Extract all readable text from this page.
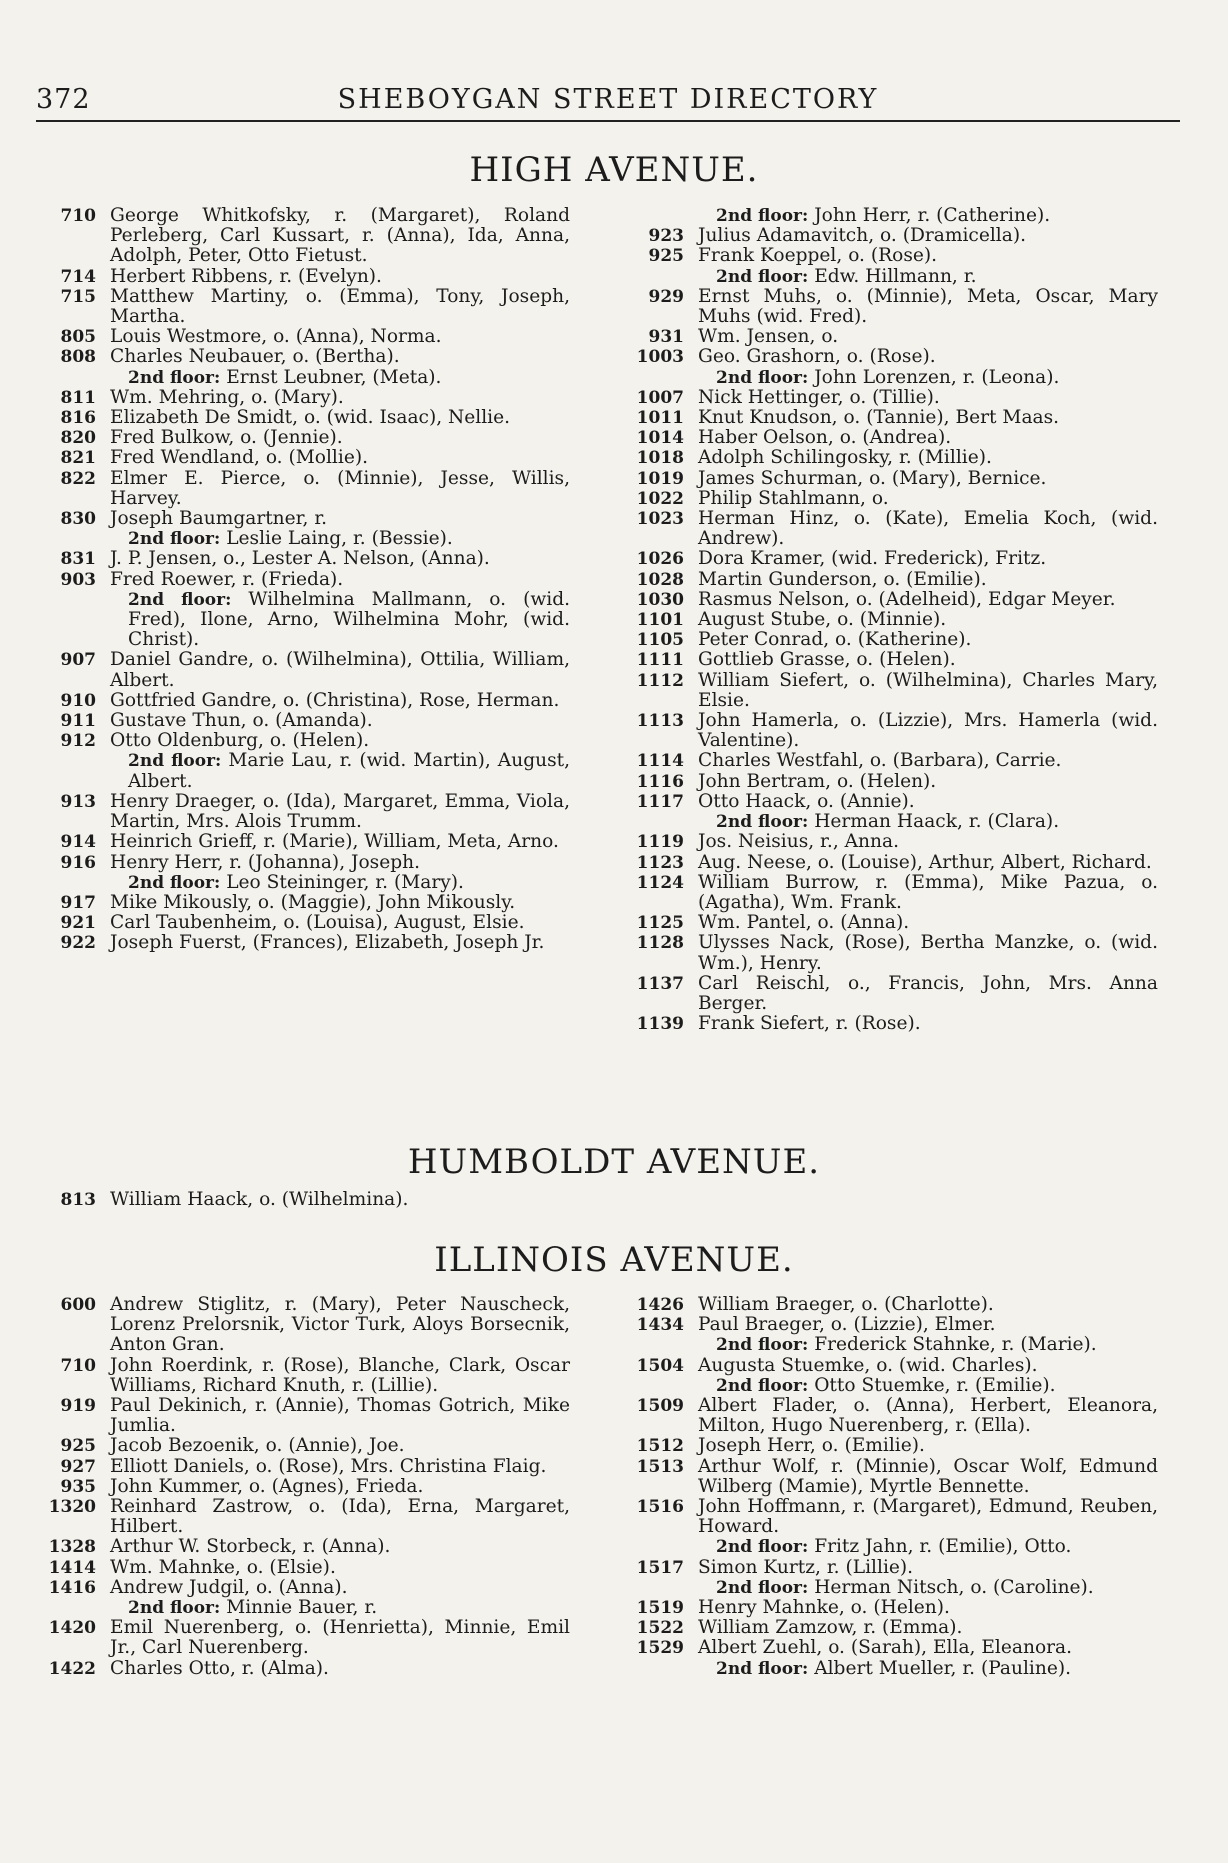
372	SHEBOYGAN STREET DIRECTORY
HIGH AVENUE.
710 George Whitkofsky, r. (Margaret), Roland Perleberg, Carl Kussart, r. (Anna), Ida, Anna, Adolph, Peter, Otto Fietust.
714 Herbert Ribbens, r. (Evelyn).
715 Matthew Martiny, o. (Emma), Tony, Joseph, Martha.
805 Louis Westmore, o. (Anna), Norma.
808 Charles Neubauer, o. (Bertha).
2nd floor: Ernst Leubner, (Meta).
811 Wm. Mehring, o. (Mary).
816 Elizabeth De Smidt, o. (wid. Isaac), Nellie.
820 Fred Bulkow, o. (Jennie).
821 Fred Wendland, o. (Mollie).
822 Elmer E. Pierce, o. (Minnie), Jesse, Willis, Harvey.
830 Joseph Baumgartner, r.
2nd floor: Leslie Laing, r. (Bessie).
831 J. P. Jensen, o., Lester A. Nelson, (Anna).
903 Fred Roewer, r. (Frieda).
2nd floor: Wilhelmina Mallmann, o. (wid. Fred), Ilone, Arno, Wilhelmina Mohr, (wid. Christ).
907 Daniel Gandre, o. (Wilhelmina), Ottilia, William, Albert.
910 Gottfried Gandre, o. (Christina), Rose, Herman.
911 Gustave Thun, o. (Amanda).
912 Otto Oldenburg, o. (Helen).
2nd floor: Marie Lau, r. (wid. Martin), August, Albert.
913 Henry Draeger, o. (Ida), Margaret, Emma, Viola, Martin, Mrs. Alois Trumm.
914 Heinrich Grieff, r. (Marie), William, Meta, Arno.
916 Henry Herr, r. (Johanna), Joseph.
2nd floor: Leo Steininger, r. (Mary).
917 Mike Mikously, o. (Maggie), John Mikously.
921 Carl Taubenheim, o. (Louisa), August, Elsie.
922 Joseph Fuerst, (Frances), Elizabeth, Joseph Jr.
2nd floor: John Herr, r. (Catherine).
923 Julius Adamavitch, o. (Dramicella).
925 Frank Koeppel, o. (Rose).
2nd floor: Edw. Hillmann, r.
929 Ernst Muhs, o. (Minnie), Meta, Oscar, Mary Muhs (wid. Fred).
931 Wm. Jensen, o.
1003 Geo. Grashorn, o. (Rose).
2nd floor: John Lorenzen, r. (Leona).
1007 Nick Hettinger, o. (Tillie).
1011 Knut Knudson, o. (Tannie), Bert Maas.
1014 Haber Oelson, o. (Andrea).
1018 Adolph Schilingosky, r. (Millie).
1019 James Schurman, o. (Mary), Bernice.
1022 Philip Stahlmann, o.
1023 Herman Hinz, o. (Kate), Emelia Koch, (wid. Andrew).
1026 Dora Kramer, (wid. Frederick), Fritz.
1028 Martin Gunderson, o. (Emilie).
1030 Rasmus Nelson, o. (Adelheid), Edgar Meyer.
1101 August Stube, o. (Minnie).
1105 Peter Conrad, o. (Katherine).
1111 Gottlieb Grasse, o. (Helen).
1112 William Siefert, o. (Wilhelmina), Charles Mary, Elsie.
1113 John Hamerla, o. (Lizzie), Mrs. Hamerla (wid. Valentine).
1114 Charles Westfahl, o. (Barbara), Carrie.
1116 John Bertram, o. (Helen).
1117 Otto Haack, o. (Annie).
2nd floor: Herman Haack, r. (Clara).
1119 Jos. Neisius, r., Anna.
1123 Aug. Neese, o. (Louise), Arthur, Albert, Richard.
1124 William Burrow, r. (Emma), Mike Pazua, o. (Agatha), Wm. Frank.
1125 Wm. Pantel, o. (Anna).
1128 Ulysses Nack, (Rose), Bertha Manzke, o. (wid. Wm.), Henry.
1137 Carl Reischl, o., Francis, John, Mrs. Anna Berger.
1139 Frank Siefert, r. (Rose).
HUMBOLDT AVENUE.
813 William Haack, o. (Wilhelmina).
ILLINOIS AVENUE.
600 Andrew Stiglitz, r. (Mary), Peter Nauscheck, Lorenz Prelorsnik, Victor Turk, Aloys Borsecnik, Anton Gran.
710 John Roerdink, r. (Rose), Blanche, Clark, Oscar Williams, Richard Knuth, r. (Lillie).
919 Paul Dekinich, r. (Annie), Thomas Gotrich, Mike Jumlia.
925 Jacob Bezoenik, o. (Annie), Joe.
927 Elliott Daniels, o. (Rose), Mrs. Christina Flaig.
935 John Kummer, o. (Agnes), Frieda.
1320 Reinhard Zastrow, o. (Ida), Erna, Margaret, Hilbert.
1328 Arthur W. Storbeck, r. (Anna).
1414 Wm. Mahnke, o. (Elsie).
1416 Andrew Judgil, o. (Anna).
2nd floor: Minnie Bauer, r.
1420 Emil Nuerenberg, o. (Henrietta), Minnie, Emil Jr., Carl Nuerenberg.
1422 Charles Otto, r. (Alma).
1426 William Braeger, o. (Charlotte).
1434 Paul Braeger, o. (Lizzie), Elmer.
2nd floor: Frederick Stahnke, r. (Marie).
1504 Augusta Stuemke, o. (wid. Charles).
2nd floor: Otto Stuemke, r. (Emilie).
1509 Albert Flader, o. (Anna), Herbert, Eleanora, Milton, Hugo Nuerenberg, r. (Ella).
1512 Joseph Herr, o. (Emilie).
1513 Arthur Wolf, r. (Minnie), Oscar Wolf, Edmund Wilberg (Mamie), Myrtle Bennette.
1516 John Hoffmann, r. (Margaret), Edmund, Reuben, Howard.
2nd floor: Fritz Jahn, r. (Emilie), Otto.
1517 Simon Kurtz, r. (Lillie).
2nd floor: Herman Nitsch, o. (Caroline).
1519 Henry Mahnke, o. (Helen).
1522 William Zamzow, r. (Emma).
1529 Albert Zuehl, o. (Sarah), Ella, Eleanora.
2nd floor: Albert Mueller, r. (Pauline).
